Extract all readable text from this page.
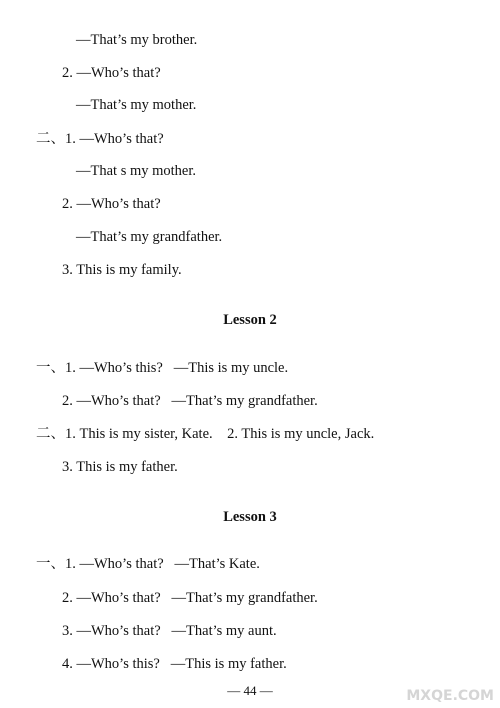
—That’s my brother.
2. —Who’s that?
—That’s my mother.
二、1. —Who’s that?
—That s my mother.
2. —Who’s that?
—That’s my grandfather.
3. This is my family.
Lesson 2
一、1. —Who’s this?   —This is my uncle.
2. —Who’s that?   —That’s my grandfather.
二、1. This is my sister, Kate.    2. This is my uncle, Jack.
3. This is my father.
Lesson 3
一、1. —Who’s that?   —That’s Kate.
2. —Who’s that?   —That’s my grandfather.
3. —Who’s that?   —That’s my aunt.
4. —Who’s this?   —This is my father.
— 44 —	MXQE.COM
